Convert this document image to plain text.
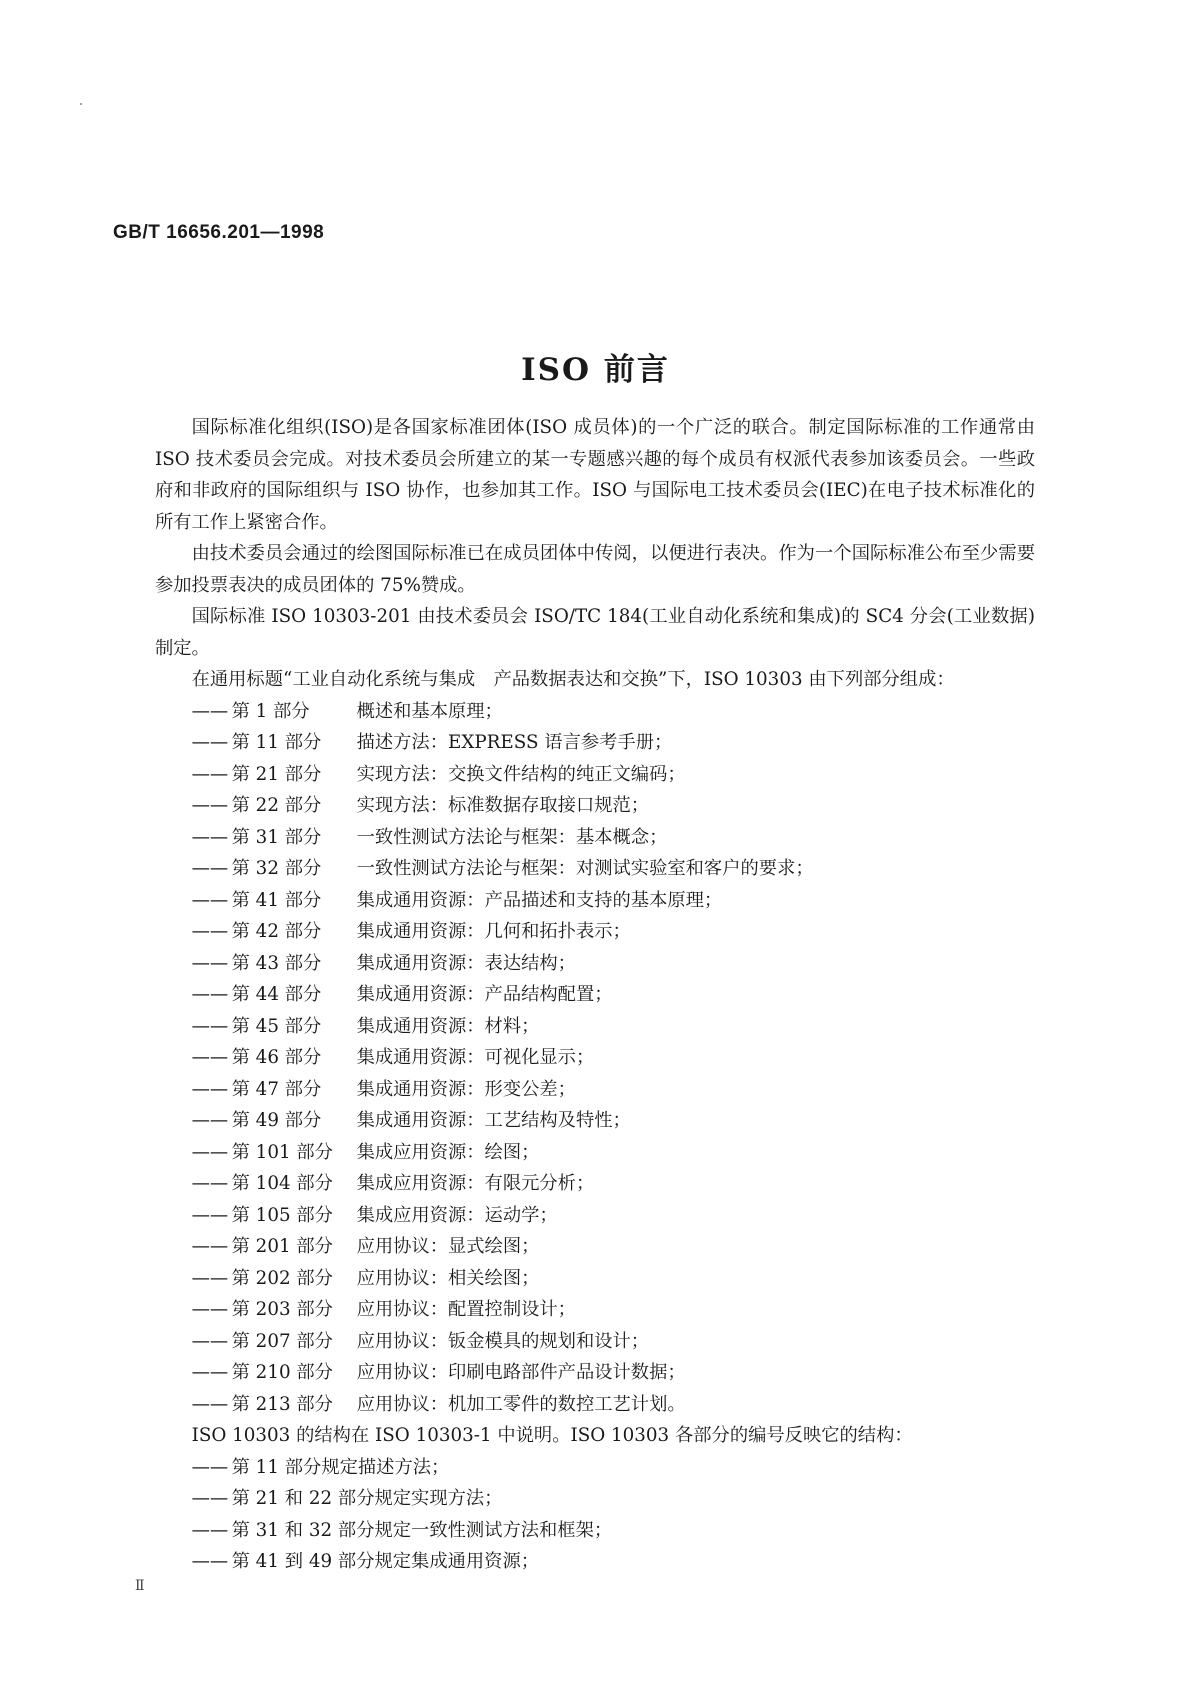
GB/T 16656.201—1998
ISO 前言

国际标准化组织(ISO)是各国家标准团体(ISO 成员体)的一个广泛的联合。制定国际标准的工作通常由 ISO 技术委员会完成。对技术委员会所建立的某一专题感兴趣的每个成员有权派代表参加该委员会。一些政府和非政府的国际组织与 ISO 协作，也参加其工作。ISO 与国际电工技术委员会(IEC)在电子技术标准化的所有工作上紧密合作。

由技术委员会通过的绘图国际标准已在成员团体中传阅，以便进行表决。作为一个国际标准公布至少需要参加投票表决的成员团体的 75%赞成。

国际标准 ISO 10303-201 由技术委员会 ISO/TC 184(工业自动化系统和集成)的 SC4 分会(工业数据)制定。

在通用标题“工业自动化系统与集成　产品数据表达和交换”下，ISO 10303 由下列部分组成：

—— 第 1 部分	概述和基本原理；
—— 第 11 部分 描述方法：EXPRESS 语言参考手册；
—— 第 21 部分 实现方法：交换文件结构的纯正文编码；
—— 第 22 部分 实现方法：标准数据存取接口规范；
—— 第 31 部分 一致性测试方法论与框架：基本概念；
—— 第 32 部分 一致性测试方法论与框架：对测试实验室和客户的要求；
—— 第 41 部分 集成通用资源：产品描述和支持的基本原理；
—— 第 42 部分 集成通用资源：几何和拓扑表示；
—— 第 43 部分 集成通用资源：表达结构；
—— 第 44 部分 集成通用资源：产品结构配置；
—— 第 45 部分 集成通用资源：材料；
—— 第 46 部分 集成通用资源：可视化显示；
—— 第 47 部分 集成通用资源：形变公差；
—— 第 49 部分 集成通用资源：工艺结构及特性；
—— 第 101 部分 集成应用资源：绘图；
—— 第 104 部分 集成应用资源：有限元分析；
—— 第 105 部分 集成应用资源：运动学；
—— 第 201 部分 应用协议：显式绘图；
—— 第 202 部分 应用协议：相关绘图；
—— 第 203 部分 应用协议：配置控制设计；
—— 第 207 部分 应用协议：钣金模具的规划和设计；
—— 第 210 部分 应用协议：印刷电路部件产品设计数据；
—— 第 213 部分 应用协议：机加工零件的数控工艺计划。

ISO 10303 的结构在 ISO 10303-1 中说明。ISO 10303 各部分的编号反映它的结构：

—— 第 11 部分规定描述方法；
—— 第 21 和 22 部分规定实现方法；
—— 第 31 和 32 部分规定一致性测试方法和框架；
—— 第 41 到 49 部分规定集成通用资源；
Ⅱ
